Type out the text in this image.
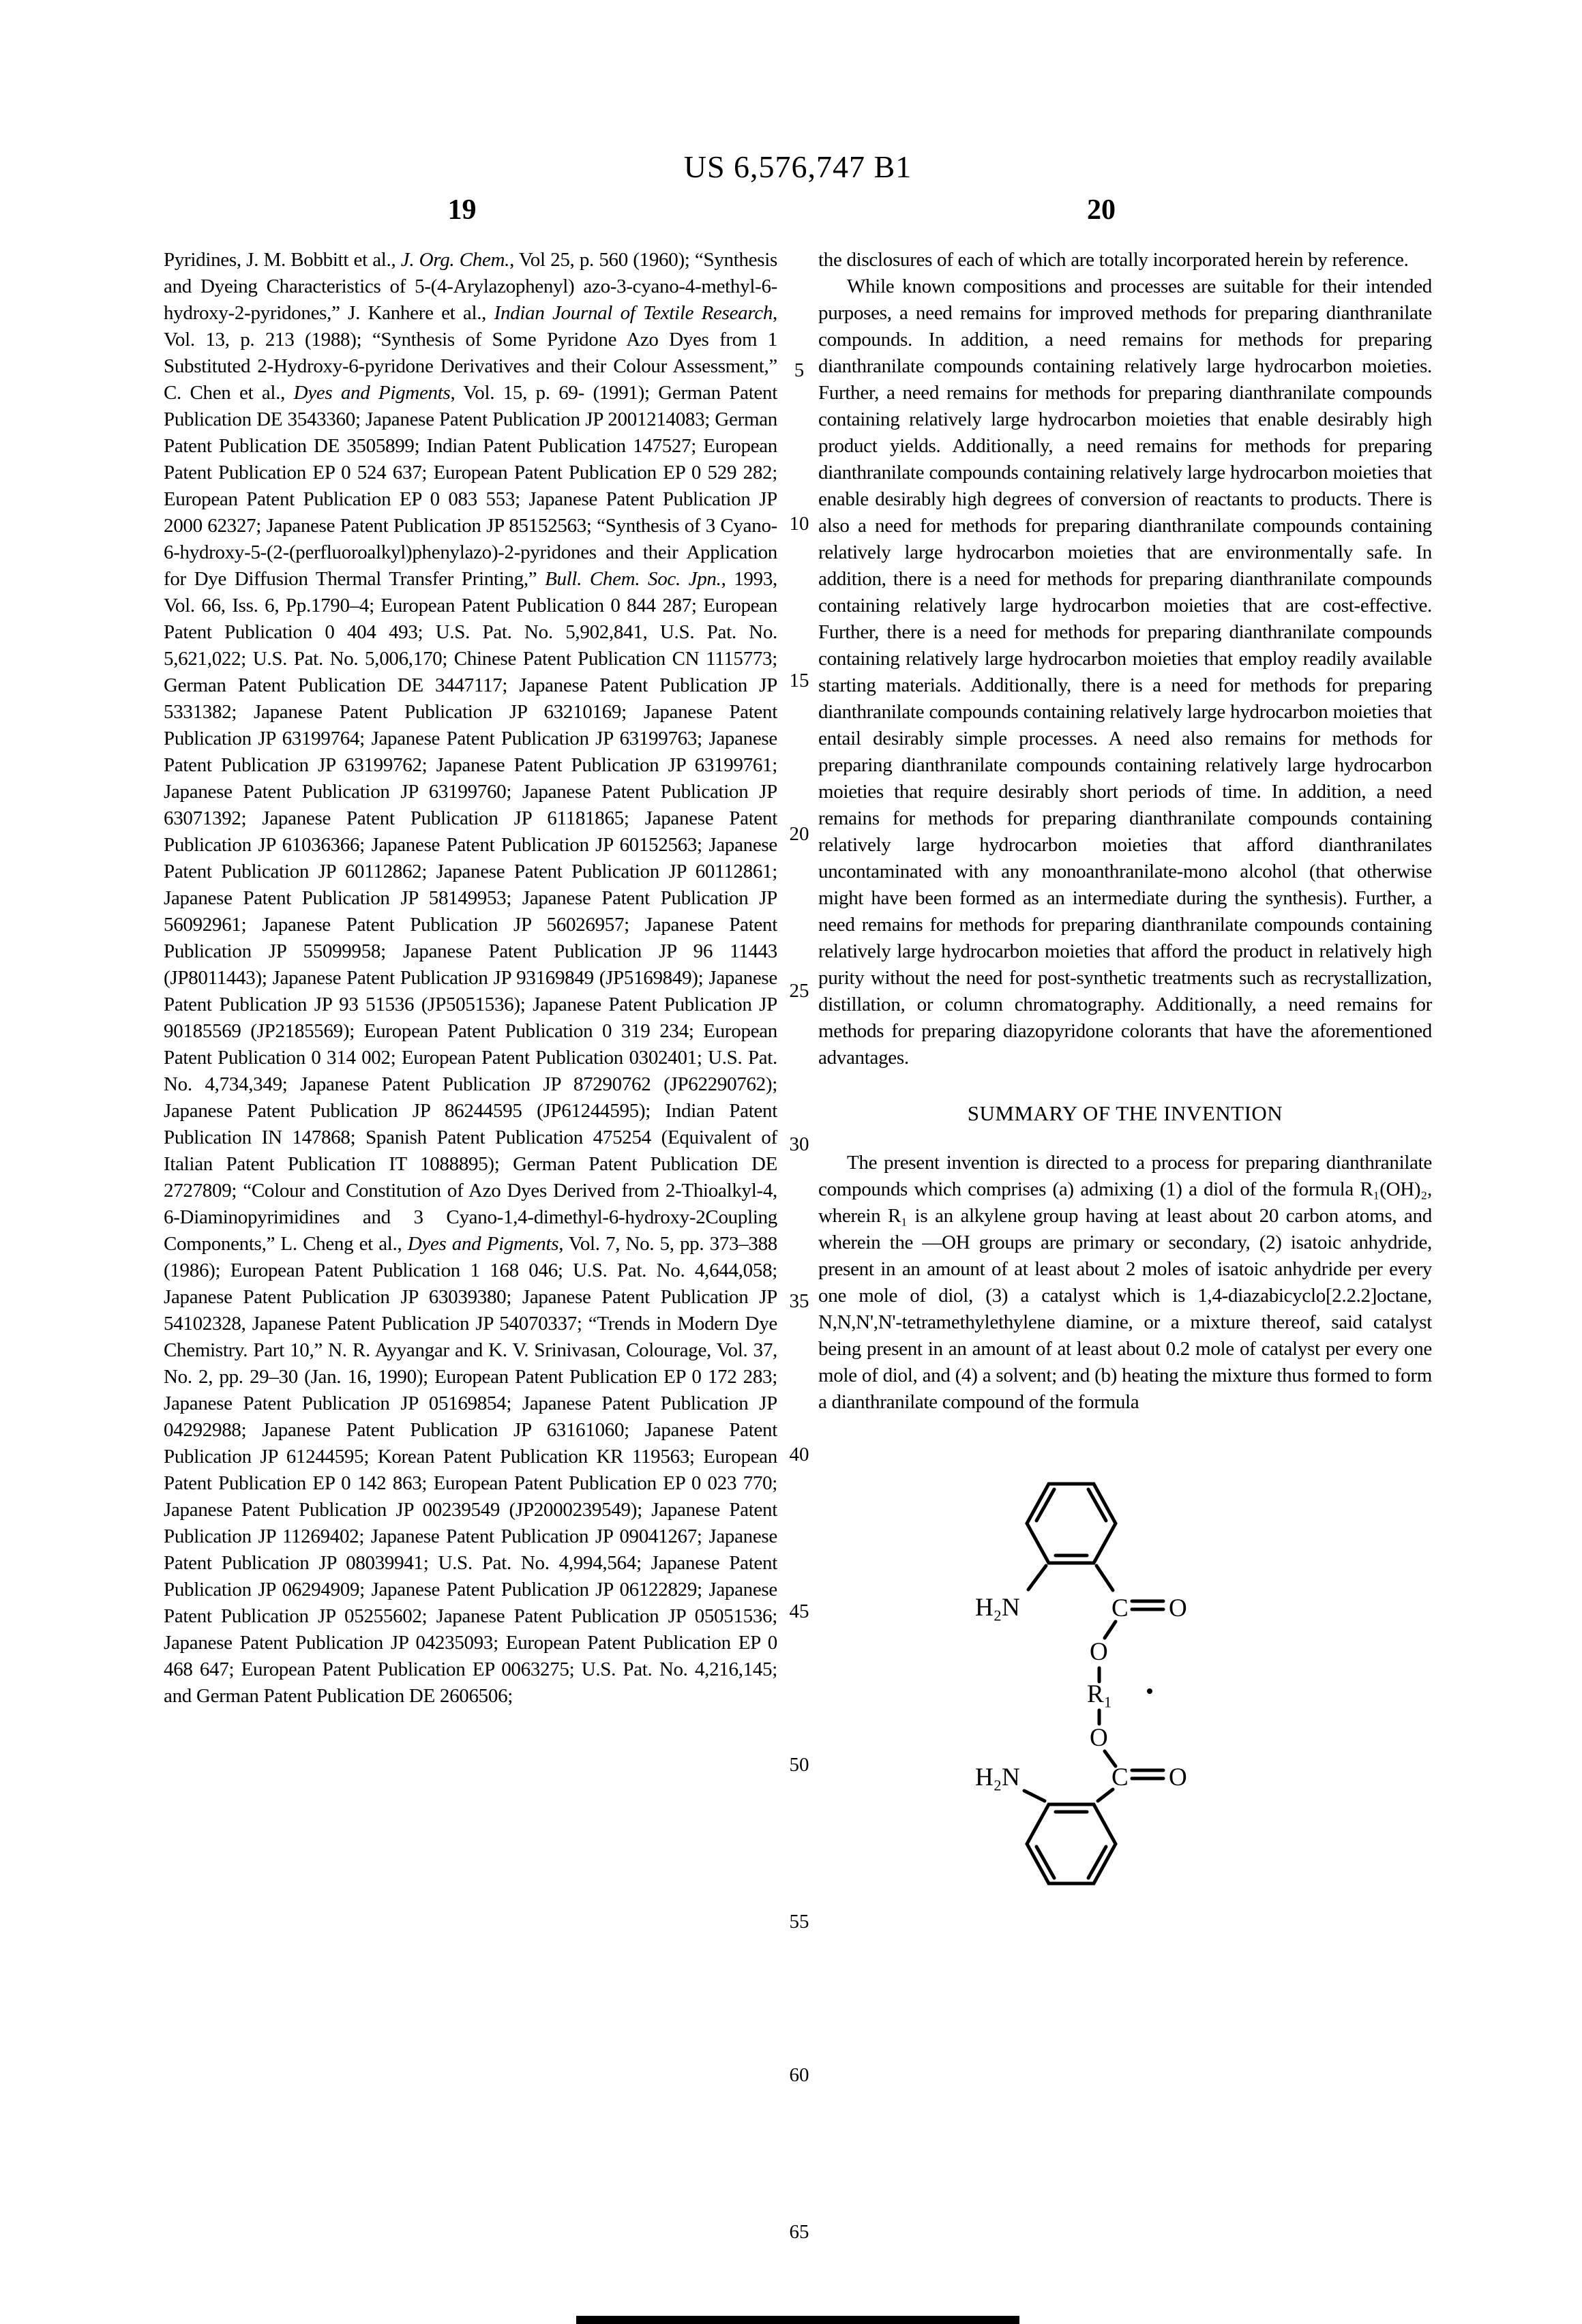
US 6,576,747 B1
19	20
5
10
15
20
25
30
35
40
45
50
55
60
65

Pyridines, J. M. Bobbitt et al., J. Org. Chem., Vol 25, p. 560 (1960); “Synthesis and Dyeing Characteristics of 5-(4-Arylazophenyl) azo-3-cyano-4-methyl-6-hydroxy-2-pyridones,” J. Kanhere et al., Indian Journal of Textile Research, Vol. 13, p. 213 (1988); “Synthesis of Some Pyridone Azo Dyes from 1 Substituted 2-Hydroxy-6-pyridone Derivatives and their Colour Assessment,” C. Chen et al., Dyes and Pigments, Vol. 15, p. 69- (1991); German Patent Publication DE 3543360; Japanese Patent Publication JP 2001214083; German Patent Publication DE 3505899; Indian Patent Publication 147527; European Patent Publication EP 0 524 637; European Patent Publication EP 0 529 282; European Patent Publication EP 0 083 553; Japanese Patent Publication JP 2000 62327; Japanese Patent Publication JP 85152563; “Synthesis of 3 Cyano-6-hydroxy-5-(2-(perfluoroalkyl)phenylazo)-2-pyridones and their Application for Dye Diffusion Thermal Transfer Printing,” Bull. Chem. Soc. Jpn., 1993, Vol. 66, Iss. 6, Pp.1790–4; European Patent Publication 0 844 287; European Patent Publication 0 404 493; U.S. Pat. No. 5,902,841, U.S. Pat. No. 5,621,022; U.S. Pat. No. 5,006,170; Chinese Patent Publication CN 1115773; German Patent Publication DE 3447117; Japanese Patent Publication JP 5331382; Japanese Patent Publication JP 63210169; Japanese Patent Publication JP 63199764; Japanese Patent Publication JP 63199763; Japanese Patent Publication JP 63199762; Japanese Patent Publication JP 63199761; Japanese Patent Publication JP 63199760; Japanese Patent Publication JP 63071392; Japanese Patent Publication JP 61181865; Japanese Patent Publication JP 61036366; Japanese Patent Publication JP 60152563; Japanese Patent Publication JP 60112862; Japanese Patent Publication JP 60112861; Japanese Patent Publication JP 58149953; Japanese Patent Publication JP 56092961; Japanese Patent Publication JP 56026957; Japanese Patent Publication JP 55099958; Japanese Patent Publication JP 96 11443 (JP8011443); Japanese Patent Publication JP 93169849 (JP5169849); Japanese Patent Publication JP 93 51536 (JP5051536); Japanese Patent Publication JP 90185569 (JP2185569); European Patent Publication 0 319 234; European Patent Publication 0 314 002; European Patent Publication 0302401; U.S. Pat. No. 4,734,349; Japanese Patent Publication JP 87290762 (JP62290762); Japanese Patent Publication JP 86244595 (JP61244595); Indian Patent Publication IN 147868; Spanish Patent Publication 475254 (Equivalent of Italian Patent Publication IT 1088895); German Patent Publication DE 2727809; “Colour and Constitution of Azo Dyes Derived from 2-Thioalkyl-4, 6-Diaminopyrimidines and 3 Cyano-1,4-dimethyl-6-hydroxy-2Coupling Components,” L. Cheng et al., Dyes and Pigments, Vol. 7, No. 5, pp. 373–388 (1986); European Patent Publication 1 168 046; U.S. Pat. No. 4,644,058; Japanese Patent Publication JP 63039380; Japanese Patent Publication JP 54102328, Japanese Patent Publication JP 54070337; “Trends in Modern Dye Chemistry. Part 10,” N. R. Ayyangar and K. V. Srinivasan, Colourage, Vol. 37, No. 2, pp. 29–30 (Jan. 16, 1990); European Patent Publication EP 0 172 283; Japanese Patent Publication JP 05169854; Japanese Patent Publication JP 04292988; Japanese Patent Publication JP 63161060; Japanese Patent Publication JP 61244595; Korean Patent Publication KR 119563; European Patent Publication EP 0 142 863; European Patent Publication EP 0 023 770; Japanese Patent Publication JP 00239549 (JP2000239549); Japanese Patent Publication JP 11269402; Japanese Patent Publication JP 09041267; Japanese Patent Publication JP 08039941; U.S. Pat. No. 4,994,564; Japanese Patent Publication JP 06294909; Japanese Patent Publication JP 06122829; Japanese Patent Publication JP 05255602; Japanese Patent Publication JP 05051536; Japanese Patent Publication JP 04235093; European Patent Publication EP 0 468 647; European Patent Publication EP 0063275; U.S. Pat. No. 4,216,145; and German Patent Publication DE 2606506;

the disclosures of each of which are totally incorporated herein by reference.

While known compositions and processes are suitable for their intended purposes, a need remains for improved methods for preparing dianthranilate compounds. In addition, a need remains for methods for preparing dianthranilate compounds containing relatively large hydrocarbon moieties. Further, a need remains for methods for preparing dianthranilate compounds containing relatively large hydrocarbon moieties that enable desirably high product yields. Additionally, a need remains for methods for preparing dianthranilate compounds containing relatively large hydrocarbon moieties that enable desirably high degrees of conversion of reactants to products. There is also a need for methods for preparing dianthranilate compounds containing relatively large hydrocarbon moieties that are environmentally safe. In addition, there is a need for methods for preparing dianthranilate compounds containing relatively large hydrocarbon moieties that are cost-effective. Further, there is a need for methods for preparing dianthranilate compounds containing relatively large hydrocarbon moieties that employ readily available starting materials. Additionally, there is a need for methods for preparing dianthranilate compounds containing relatively large hydrocarbon moieties that entail desirably simple processes. A need also remains for methods for preparing dianthranilate compounds containing relatively large hydrocarbon moieties that require desirably short periods of time. In addition, a need remains for methods for preparing dianthranilate compounds containing relatively large hydrocarbon moieties that afford dianthranilates uncontaminated with any monoanthranilate-mono alcohol (that otherwise might have been formed as an intermediate during the synthesis). Further, a need remains for methods for preparing dianthranilate compounds containing relatively large hydrocarbon moieties that afford the product in relatively high purity without the need for post-synthetic treatments such as recrystallization, distillation, or column chromatography. Additionally, a need remains for methods for preparing diazopyridone colorants that have the aforementioned advantages.

SUMMARY OF THE INVENTION

The present invention is directed to a process for preparing dianthranilate compounds which comprises (a) admixing (1) a diol of the formula R₁(OH)₂, wherein R₁ is an alkylene group having at least about 20 carbon atoms, and wherein the —OH groups are primary or secondary, (2) isatoic anhydride, present in an amount of at least about 2 moles of isatoic anhydride per every one mole of diol, (3) a catalyst which is 1,4-diazabicyclo[2.2.2]octane, N,N,N',N'-tetramethylethylene diamine, or a mixture thereof, said catalyst being present in an amount of at least about 0.2 mole of catalyst per every one mole of diol, and (4) a solvent; and (b) heating the mixture thus formed to form a dianthranilate compound of the formula

H₂N	C O
O
R₁
O
C O
H₂N
